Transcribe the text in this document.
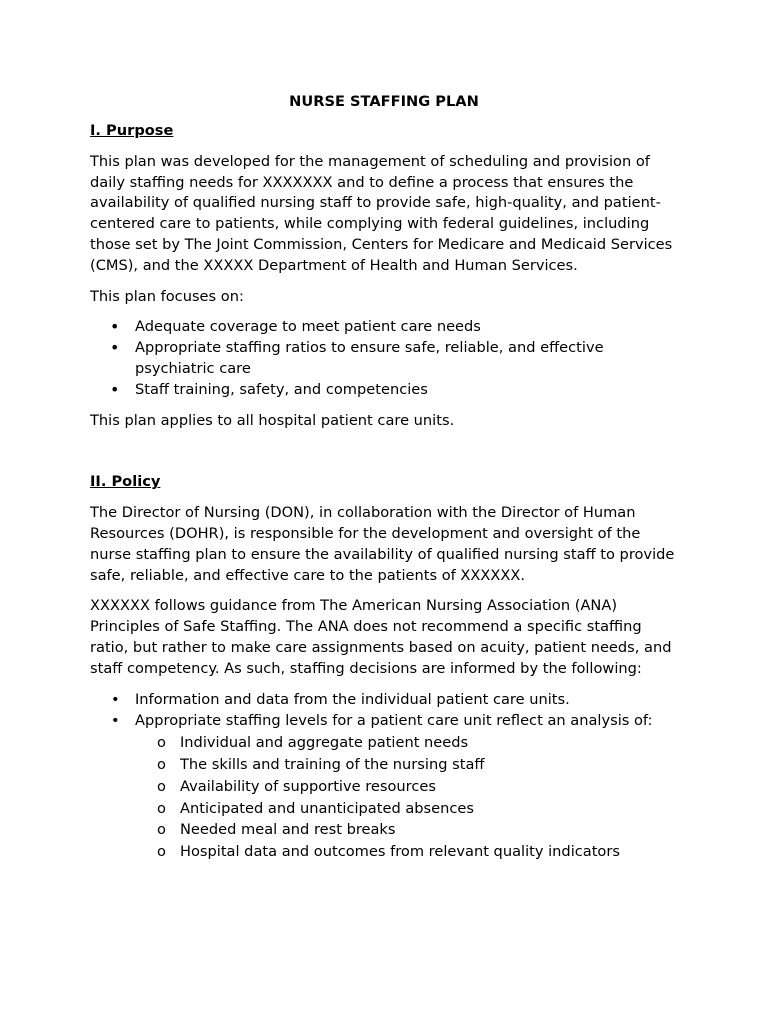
NURSE STAFFING PLAN
I. Purpose

This plan was developed for the management of scheduling and provision of daily staffing needs for XXXXXXX and to define a process that ensures the availability of qualified nursing staff to provide safe, high-quality, and patient-centered care to patients, while complying with federal guidelines, including those set by The Joint Commission, Centers for Medicare and Medicaid Services (CMS), and the XXXXX Department of Health and Human Services.

This plan focuses on:

• Adequate coverage to meet patient care needs
• Appropriate staffing ratios to ensure safe, reliable, and effective psychiatric care
• Staff training, safety, and competencies

This plan applies to all hospital patient care units.

II. Policy

The Director of Nursing (DON), in collaboration with the Director of Human Resources (DOHR), is responsible for the development and oversight of the nurse staffing plan to ensure the availability of qualified nursing staff to provide safe, reliable, and effective care to the patients of XXXXXX.

XXXXXX follows guidance from The American Nursing Association (ANA) Principles of Safe Staffing. The ANA does not recommend a specific staffing ratio, but rather to make care assignments based on acuity, patient needs, and staff competency. As such, staffing decisions are informed by the following:

• Information and data from the individual patient care units.
• Appropriate staffing levels for a patient care unit reflect an analysis of:
o Individual and aggregate patient needs
o The skills and training of the nursing staff
o Availability of supportive resources
o Anticipated and unanticipated absences
o Needed meal and rest breaks
o Hospital data and outcomes from relevant quality indicators
